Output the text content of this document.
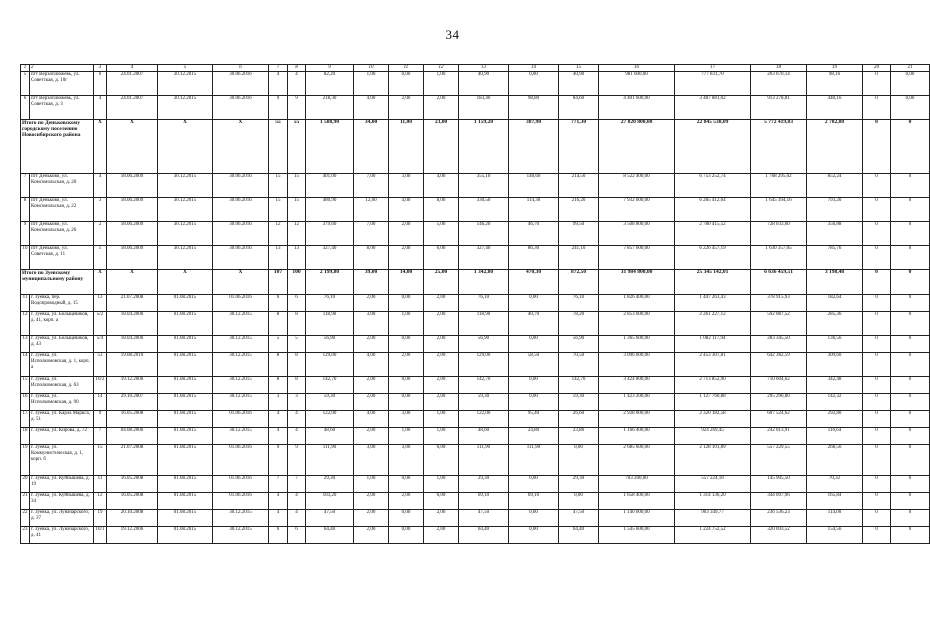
34
1	2	3	4	5	6	7	8	9	10	11	12	13	14	15	16	17	18	19	20	21
5	пгт Верхоплюжевь, ул. Советская, д. 10г	6	24.01.2007	30.12.2015	30.06.2016	4	4	82,20	1,00	0,00	1,00	40,90	0,00	40,90	981 600,00	777 831,70	203 670,14	98,16	0	0,00
6	пгт Верхоплюжевь, ул. Советская, д. 3	4	24.01.2007	30.12.2015	30.06.2016	9	9	218,30	4,00	2,00	2,00	183,40	98,80	84,60	4 401 600,00	3 487 881,02	913 278,81	440,16	0	0,00
Итого по Деньковскому городскому поселению Новосибирского района		X	X	X	X	55	55	1 588,90	34,00	11,00	23,00	1 159,20	387,90	771,30	27 820 800,00	22 045 538,09	5 772 419,83	2 782,08	0	0
7	пгт Деньково, ул. Комсомольская, д. 20	4	18.06.2009	30.12.2015	30.06.2016	15	15	401,00	7,00	3,00	4,00	355,10	140,60	214,50	8 522 400,00	6 753 252,74	1 768 295,02	852,24	0	0
8	пгт Деньково, ул. Комсомольская, д. 22	3	18.06.2009	30.12.2015	30.06.2016	15	15	480,90	12,00	4,00	8,00	330,50	114,30	216,20	7 932 000,00	6 285 412,64	1 645 394,16	793,20	0	0
9	пгт Деньково, ул. Комсомольская, д. 26	2	18.06.2009	30.12.2015	30.06.2016	12	12	379,60	7,00	2,00	5,00	146,20	46,70	99,50	3 508 800,00	2 780 415,52	728 033,60	350,88	0	0
10	пгт Деньково, ул. Советская, д. 11	1	18.06.2009	30.12.2015	30.06.2016	13	13	327,40	8,00	2,00	6,00	327,40	86,30	241,10	7 857 600,00	6 226 457,19	1 630 357,05	785,76	0	0
Итого по Зуевскому муниципальному району		X	X	X	X	107	100	2 199,80	39,00	14,00	25,00	1 342,80	470,30	872,50	31 984 800,00	25 345 142,01	6 636 459,51	3 198,48	0	0
11	г. Зуевка, пер. Водопроводный, д. 15	13	21.07.2008	01.08.2015	01.06.2016	6	6	76,10	2,00	0,00	2,00	76,10	0,00	76,10	1 826 400,00	1 447 261,43	378 915,93	182,64	0	0
12	г. Зуевка, ул. Больщевиков, д. 41, корп. а	5/2	18.04.2006	01.08.2015	30.12.2015	8	8	118,90	3,00	1,00	2,00	118,90	40,70	78,20	2 853 600,00	2 261 227,12	592 087,52	285,36	0	0
13	г. Зуевка, ул. Больщевиков, д. 43	5/4	18.04.2006	01.08.2015	30.12.2015	5	5	56,90	2,00	0,00	2,00	56,90	0,00	56,90	1 365 600,00	1 082 117,94	283 345,50	136,56	0	0
14	г. Зуевка, ул. Исполкомовская, д. 1, корп. а	53	19.08.2010	01.08.2015	30.12.2015	8	8	129,00	4,00	2,00	2,00	129,00	58,50	70,50	3 096 000,00	2 453 307,81	642 382,59	309,60	0	0
15	г. Зуевка, ул. Исполкомовская, д. 63	10/2	19.12.2006	01.08.2015	30.12.2015	8	8	142,70	2,00	0,00	2,00	142,70	0,00	142,70	3 424 800,00	2 713 852,90	710 604,62	342,48	0	0
16	г. Зуевка, ул. Исполкомовская, д. 90	14	29.10.2007	01.08.2015	30.12.2015	3	3	59,30	2,00	0,00	2,00	59,30	0,00	59,30	1 423 200,00	1 127 760,88	295 296,80	142,32	0	0
17	г. Зуевка, ул. Карла Маркса, д. 51	9	16.05.2008	01.08.2015	01.06.2016	4	4	122,00	4,00	3,00	1,00	122,00	95,40	26,60	2 928 000,00	2 320 182,58	607 524,62	292,80	0	0
18	г. Зуевка, ул. Кирова, д. 72	7	04.08.2006	01.08.2015	30.12.2015	4	4	48,60	2,00	1,00	1,00	48,60	24,80	23,80	1 166 400,00	924 269,45	242 013,91	116,64	0	0
19	г. Зуевка, ул. Коммунистическая, д. 1, корп. б	15	21.07.2008	01.08.2015	01.06.2016	9	9	111,90	3,00	3,00	0,00	111,90	111,90	0,00	2 685 600,00	2 128 101,89	557 229,55	268,56	0	0
20	г. Зуевка, ул. Куйбышева, д. 19	11	16.05.2008	01.08.2015	01.06.2016	7	7	29,30	1,00	0,00	1,00	29,30	0,00	29,30	703 200,00	557 224,18	145 905,50	70,32	0	0
21	г. Зуевка, ул. Куйбышева, д. 34	12	16.05.2008	01.08.2015	01.06.2016	4	4	103,20	2,00	2,00	0,00	69,10	69,10	0,00	1 658 400,00	1 314 136,20	344 097,96	165,84	0	0
22	г. Зуевка, ул. Луначарского, д. 37	19	20.10.2008	01.08.2015	30.12.2015	4	4	47,50	2,00	0,00	2,00	47,50	0,00	47,50	1 140 000,00	903 349,77	236 536,23	114,00	0	0
23	г. Зуевка, ул. Луначарского, д. 41	10/1	19.12.2006	01.08.2015	30.12.2015	6	6	64,40	2,00	0,00	2,00	64,40	0,00	64,40	1 545 600,00	1 224 752,52	320 693,52	154,56	0	0
